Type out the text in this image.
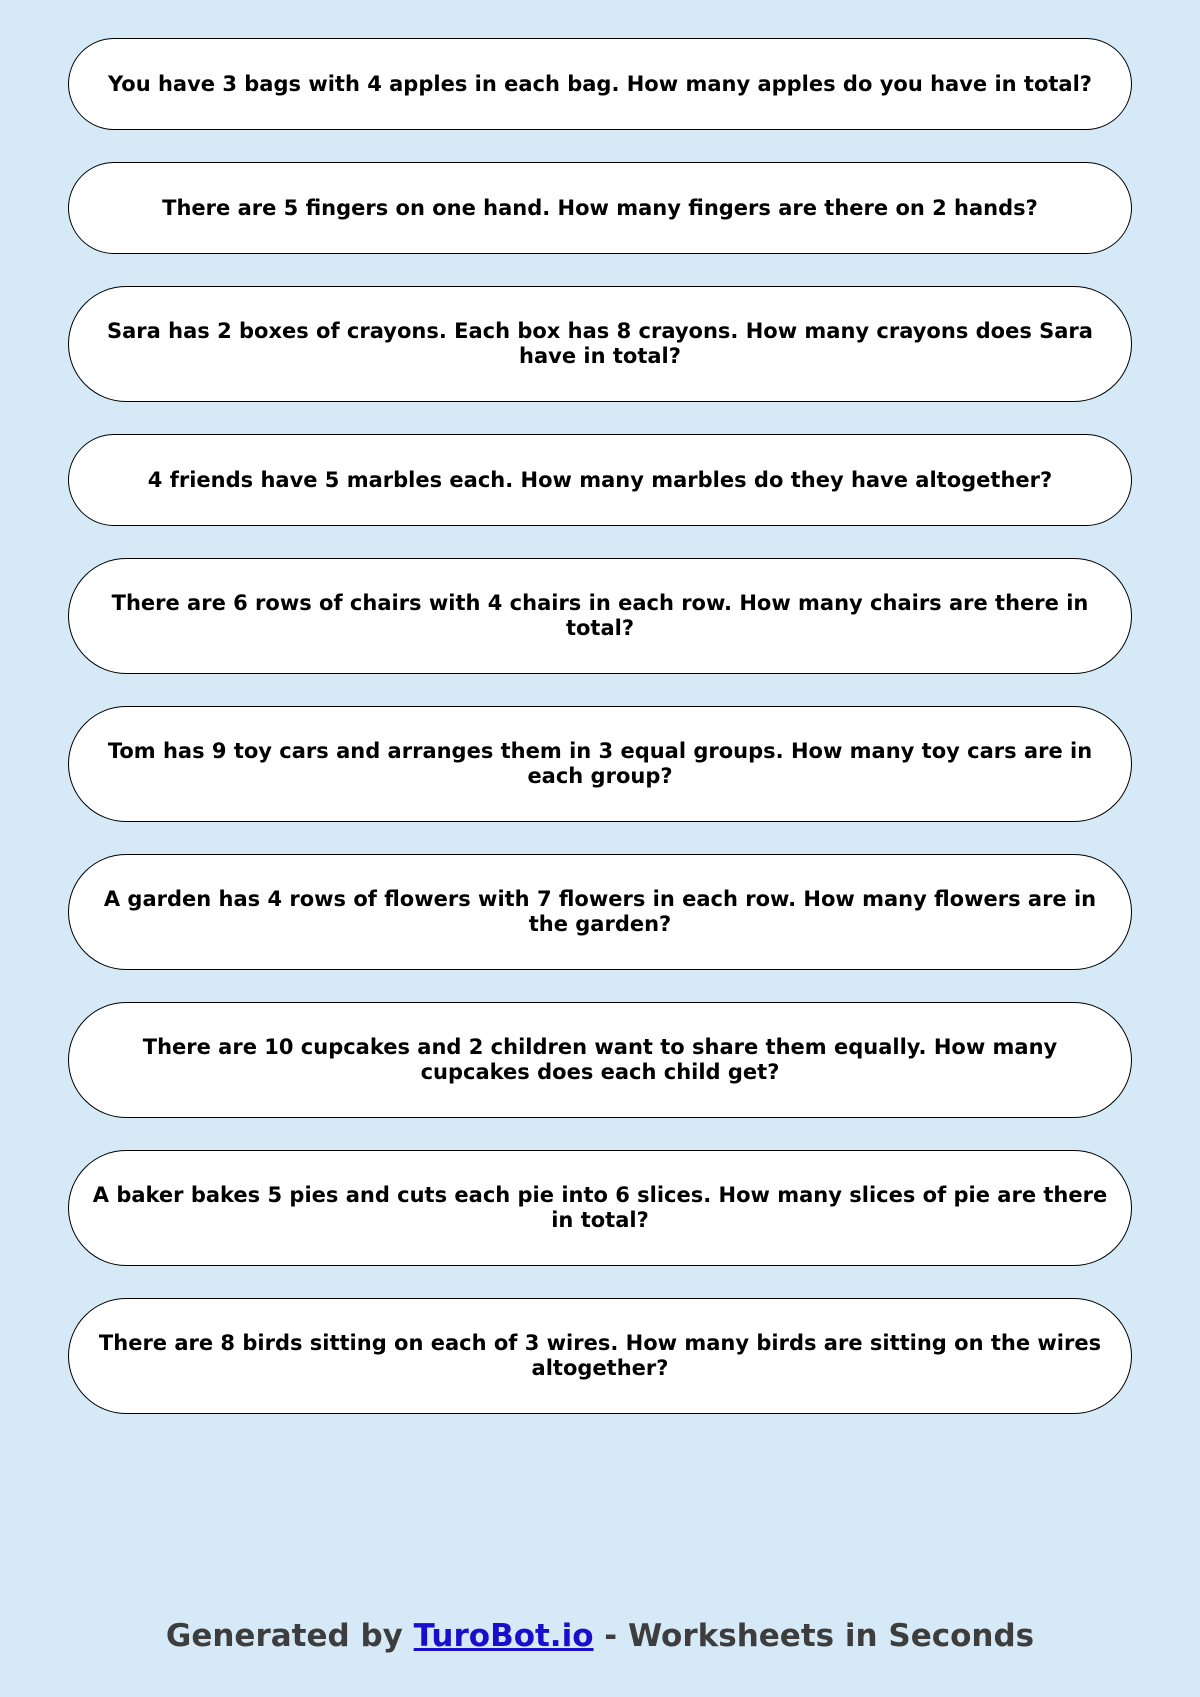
You have 3 bags with 4 apples in each bag. How many apples do you have in total?
There are 5 fingers on one hand. How many fingers are there on 2 hands?
Sara has 2 boxes of crayons. Each box has 8 crayons. How many crayons does Sara have in total?
4 friends have 5 marbles each. How many marbles do they have altogether?
There are 6 rows of chairs with 4 chairs in each row. How many chairs are there in total?
Tom has 9 toy cars and arranges them in 3 equal groups. How many toy cars are in each group?
A garden has 4 rows of flowers with 7 flowers in each row. How many flowers are in the garden?
There are 10 cupcakes and 2 children want to share them equally. How many cupcakes does each child get?
A baker bakes 5 pies and cuts each pie into 6 slices. How many slices of pie are there in total?
There are 8 birds sitting on each of 3 wires. How many birds are sitting on the wires altogether?
Generated by TuroBot.io - Worksheets in Seconds
